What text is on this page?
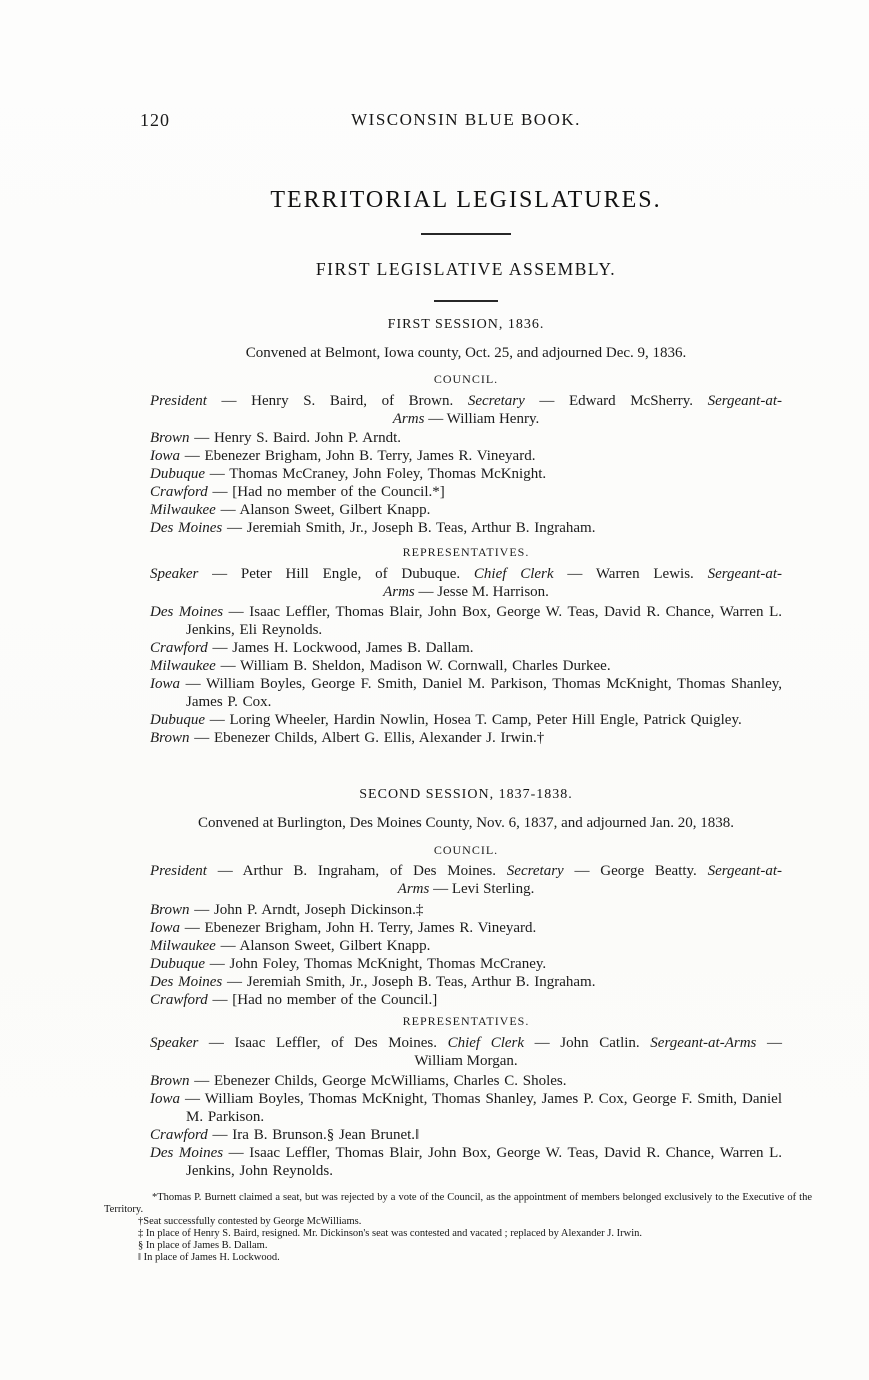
120	WISCONSIN BLUE BOOK.
TERRITORIAL LEGISLATURES.
FIRST LEGISLATIVE ASSEMBLY.
FIRST SESSION, 1836.
Convened at Belmont, Iowa county, Oct. 25, and adjourned Dec. 9, 1836.
COUNCIL.
President — Henry S. Baird, of Brown. Secretary — Edward McSherry. Sergeant-at-
Arms — William Henry.
Brown — Henry S. Baird. John P. Arndt.
Iowa — Ebenezer Brigham, John B. Terry, James R. Vineyard.
Dubuque — Thomas McCraney, John Foley, Thomas McKnight.
Crawford — [Had no member of the Council.*]
Milwaukee — Alanson Sweet, Gilbert Knapp.
Des Moines — Jeremiah Smith, Jr., Joseph B. Teas, Arthur B. Ingraham.
REPRESENTATIVES.
Speaker — Peter Hill Engle, of Dubuque. Chief Clerk — Warren Lewis. Sergeant-at-
Arms — Jesse M. Harrison.
Des Moines — Isaac Leffler, Thomas Blair, John Box, George W. Teas, David R. Chance, Warren L. Jenkins, Eli Reynolds.
Crawford — James H. Lockwood, James B. Dallam.
Milwaukee — William B. Sheldon, Madison W. Cornwall, Charles Durkee.
Iowa — William Boyles, George F. Smith, Daniel M. Parkison, Thomas McKnight, Thomas Shanley, James P. Cox.
Dubuque — Loring Wheeler, Hardin Nowlin, Hosea T. Camp, Peter Hill Engle, Patrick Quigley.
Brown — Ebenezer Childs, Albert G. Ellis, Alexander J. Irwin.†
SECOND SESSION, 1837-1838.
Convened at Burlington, Des Moines County, Nov. 6, 1837, and adjourned Jan. 20, 1838.
COUNCIL.
President — Arthur B. Ingraham, of Des Moines. Secretary — George Beatty. Sergeant-at-
Arms — Levi Sterling.
Brown — John P. Arndt, Joseph Dickinson.‡
Iowa — Ebenezer Brigham, John H. Terry, James R. Vineyard.
Milwaukee — Alanson Sweet, Gilbert Knapp.
Dubuque — John Foley, Thomas McKnight, Thomas McCraney.
Des Moines — Jeremiah Smith, Jr., Joseph B. Teas, Arthur B. Ingraham.
Crawford — [Had no member of the Council.]
REPRESENTATIVES.
Speaker — Isaac Leffler, of Des Moines. Chief Clerk — John Catlin. Sergeant-at-Arms —
William Morgan.
Brown — Ebenezer Childs, George McWilliams, Charles C. Sholes.
Iowa — William Boyles, Thomas McKnight, Thomas Shanley, James P. Cox, George F. Smith, Daniel M. Parkison.
Crawford — Ira B. Brunson.§ Jean Brunet.‖
Des Moines — Isaac Leffler, Thomas Blair, John Box, George W. Teas, David R. Chance, Warren L. Jenkins, John Reynolds.

*Thomas P. Burnett claimed a seat, but was rejected by a vote of the Council, as the appointment of members belonged exclusively to the Executive of the Territory.

†Seat successfully contested by George McWilliams.

‡ In place of Henry S. Baird, resigned. Mr. Dickinson's seat was contested and vacated ; replaced by Alexander J. Irwin.

§ In place of James B. Dallam.

‖ In place of James H. Lockwood.
